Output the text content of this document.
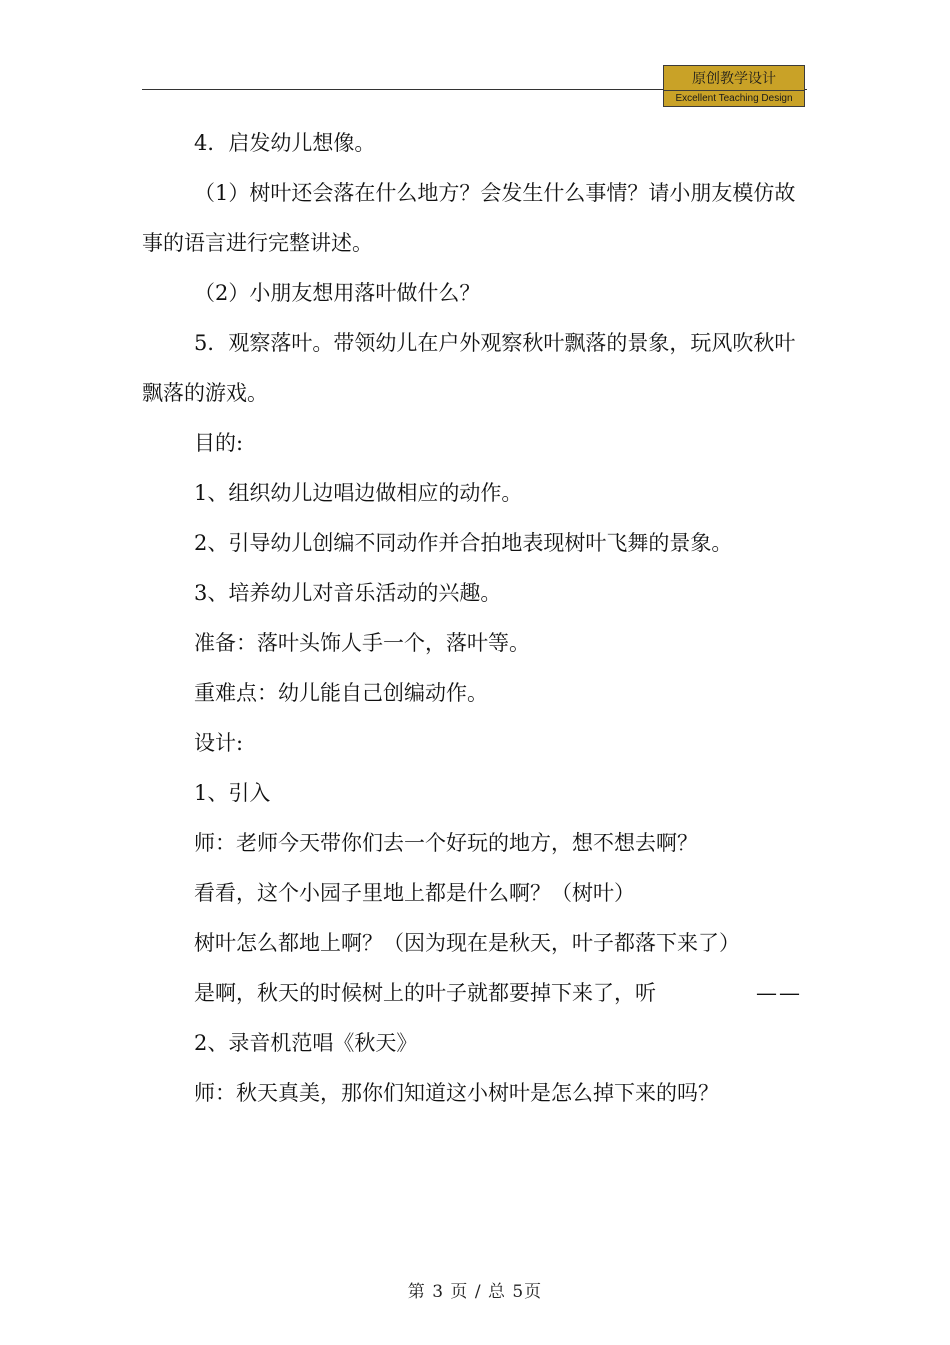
原创教学设计
Excellent Teaching Design

4．启发幼儿想像。

（1）树叶还会落在什么地方？会发生什么事情？请小朋友模仿故事的语言进行完整讲述。

（2）小朋友想用落叶做什么？

5．观察落叶。带领幼儿在户外观察秋叶飘落的景象，玩风吹秋叶飘落的游戏。

目的:

1、组织幼儿边唱边做相应的动作。

2、引导幼儿创编不同动作并合拍地表现树叶飞舞的景象。

3、培养幼儿对音乐活动的兴趣。

准备：落叶头饰人手一个，落叶等。

重难点：幼儿能自己创编动作。

设计:

1、引入

师：老师今天带你们去一个好玩的地方，想不想去啊？

看看，这个小园子里地上都是什么啊？（树叶）

树叶怎么都地上啊？（因为现在是秋天，叶子都落下来了）

是啊，秋天的时候树上的叶子就都要掉下来了，听	——

2、录音机范唱《秋天》

师：秋天真美，那你们知道这小树叶是怎么掉下来的吗？

第 3 页 / 总 5页
